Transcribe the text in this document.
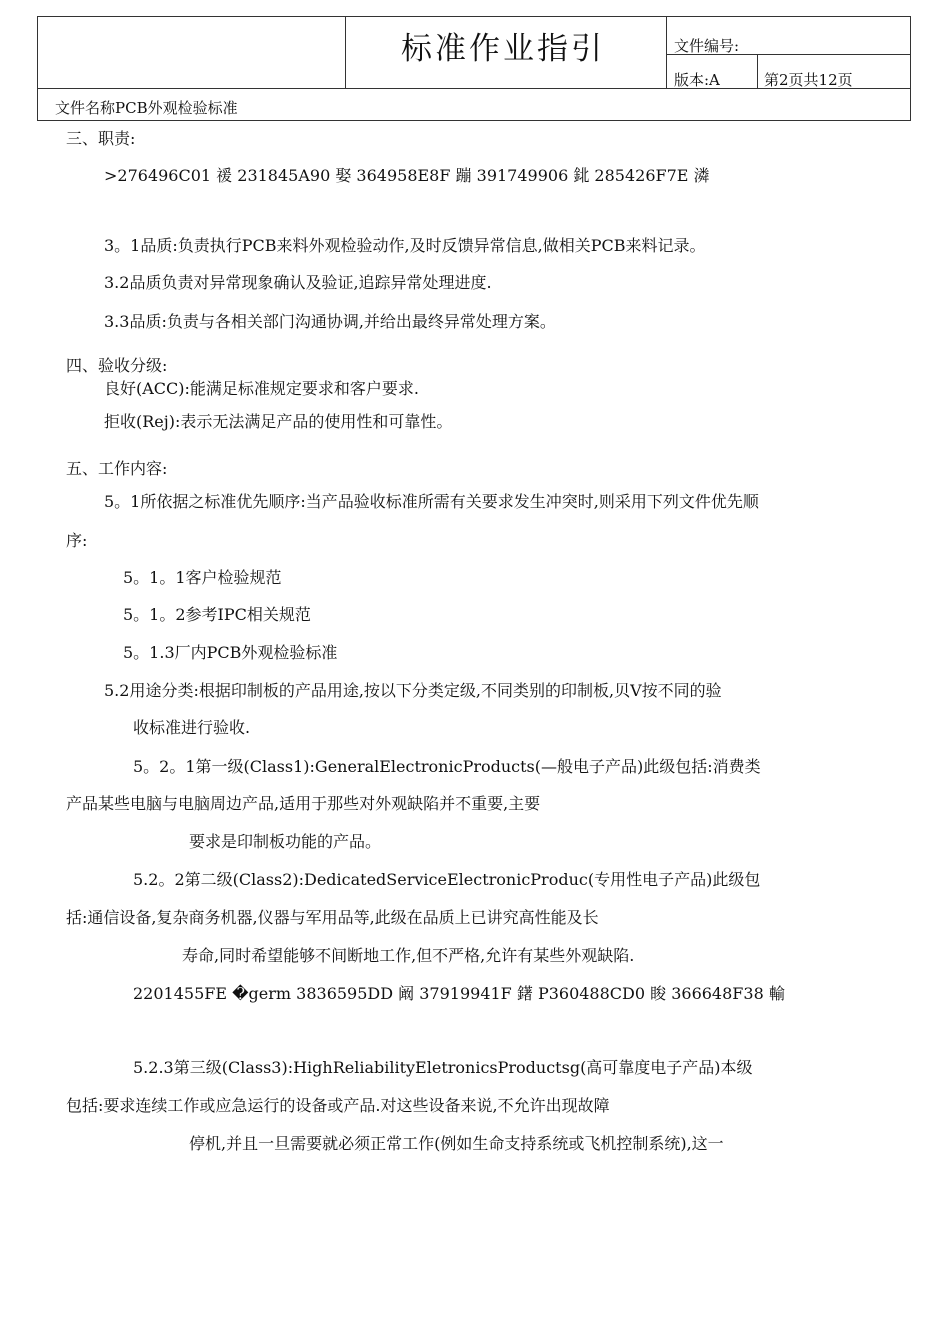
标准作业指引	文件编号:
版本:A	第2页共12页
文件名称PCB外观检验标准
三、职责:
>276496C01 禐 231845A90 娶 364958E8F 蹦 391749906 鉳 285426F7E 潾
3。1品质:负责执行PCB来料外观检验动作,及时反馈异常信息,做相关PCB来料记录。
3.2品质负责对异常现象确认及验证,追踪异常处理进度.
3.3品质:负责与各相关部门沟通协调,并给出最终异常处理方案。
四、验收分级:
良好(ACC):能满足标准规定要求和客户要求.
拒收(Rej):表示无法满足产品的使用性和可靠性。
五、工作内容:
5。1所依据之标准优先顺序:当产品验收标准所需有关要求发生冲突时,则采用下列文件优先顺
序:
5。1。1客户检验规范
5。1。2参考IPC相关规范
5。1.3厂内PCB外观检验标准
5.2用途分类:根据印制板的产品用途,按以下分类定级,不同类别的印制板,贝V按不同的验
收标准进行验收.
5。2。1第一级(Class1):GeneralElectronicProducts(—般电子产品)此级包括:消费类
产品某些电脑与电脑周边产品,适用于那些对外观缺陷并不重要,主要
要求是印制板功能的产品。
5.2。2第二级(Class2):DedicatedServiceElectronicProduc(专用性电子产品)此级包
括:通信设备,复杂商务机器,仪器与军用品等,此级在品质上已讲究高性能及长
寿命,同时希望能够不间断地工作,但不严格,允许有某些外观缺陷.
2201455FE �germ 3836595DD 阚 37919941F 鐯 P360488CD0 睃 366648F38 輸
5.2.3第三级(Class3):HighReliabilityEletronicsProductsg(高可靠度电子产品)本级
包括:要求连续工作或应急运行的设备或产品.对这些设备来说,不允许出现故障
停机,并且一旦需要就必须正常工作(例如生命支持系统或飞机控制系统),这一
